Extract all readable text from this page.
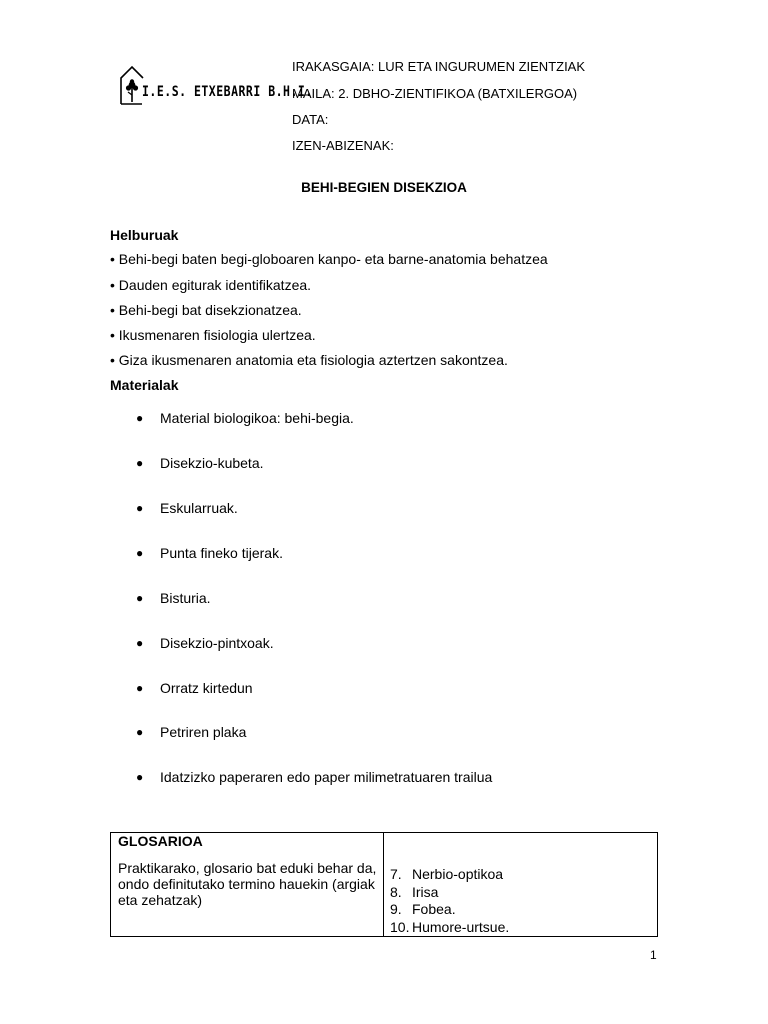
I.E.S. ETXEBARRI B.H.I.
IRAKASGAIA: LUR ETA INGURUMEN ZIENTZIAK
MAILA: 2. DBHO-ZIENTIFIKOA (BATXILERGOA)
DATA:
IZEN-ABIZENAK:
BEHI-BEGIEN DISEKZIOA
Helburuak
• Behi-begi baten begi-globoaren kanpo- eta barne-anatomia behatzea
• Dauden egiturak identifikatzea.
• Behi-begi bat disekzionatzea.
• Ikusmenaren fisiologia ulertzea.
• Giza ikusmenaren anatomia eta fisiologia aztertzen sakontzea.
Materialak
● Material biologikoa: behi-begia.
● Disekzio-kubeta.
● Eskularruak.
● Punta fineko tijerak.
● Bisturia.
● Disekzio-pintxoak.
● Orratz kirtedun
● Petriren plaka
● Idatzizko paperaren edo paper milimetratuaren trailua
GLOSARIOA
Praktikarako, glosario bat eduki behar da, ondo definitutako termino hauekin (argiak eta zehatzak)

7. Nerbio-optikoa
8. Irisa
9. Fobea.
10. Humore-urtsue.
1
